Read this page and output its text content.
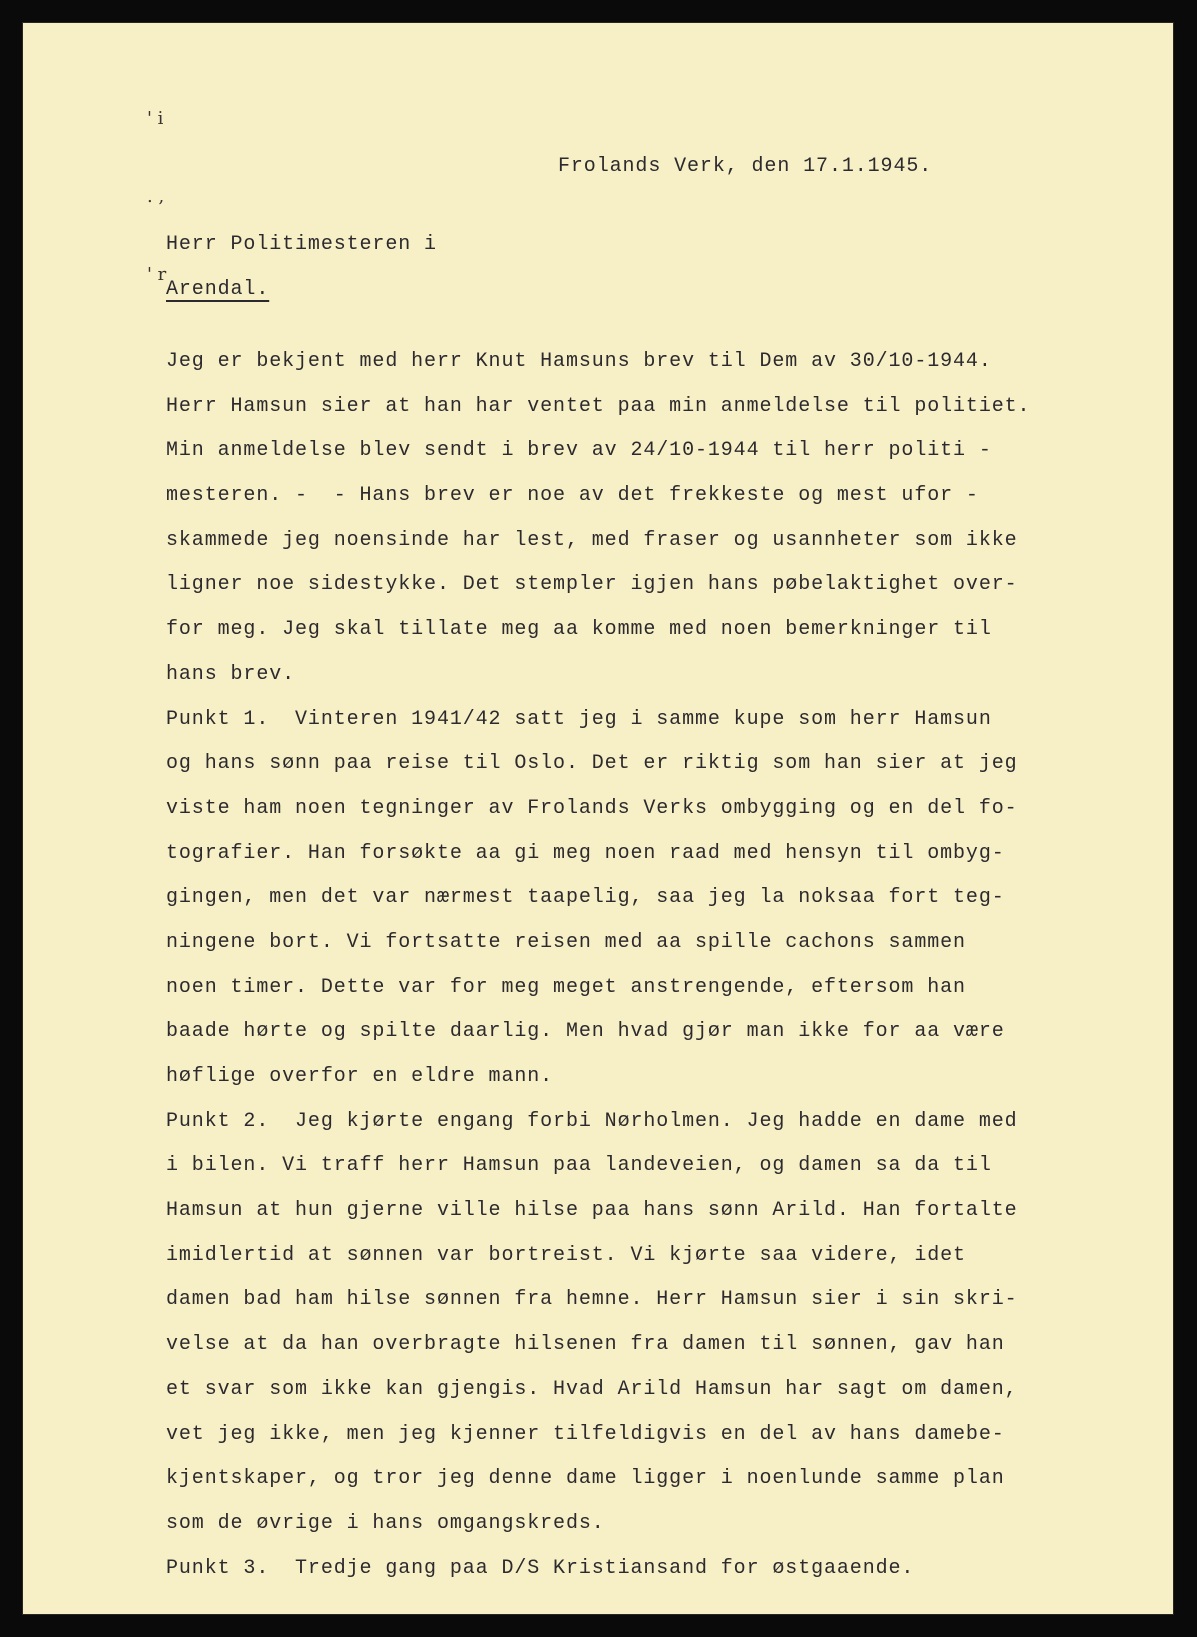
' i

. ,

' r

Frolands Verk, den 17.1.1945.
Herr Politimesteren i
Arendal.
Jeg er bekjent med herr Knut Hamsuns brev til Dem av 30/10-1944.
Herr Hamsun sier at han har ventet paa min anmeldelse til politiet.
Min anmeldelse blev sendt i brev av 24/10-1944 til herr politi -
mesteren. -  - Hans brev er noe av det frekkeste og mest ufor -
skammede jeg noensinde har lest, med fraser og usannheter som ikke
ligner noe sidestykke. Det stempler igjen hans pøbelaktighet over-
for meg. Jeg skal tillate meg aa komme med noen bemerkninger til
hans brev.
Punkt 1.  Vinteren 1941/42 satt jeg i samme kupe som herr Hamsun
og hans sønn paa reise til Oslo. Det er riktig som han sier at jeg
viste ham noen tegninger av Frolands Verks ombygging og en del fo-
tografier. Han forsøkte aa gi meg noen raad med hensyn til ombyg-
gingen, men det var nærmest taapelig, saa jeg la noksaa fort teg-
ningene bort. Vi fortsatte reisen med aa spille cachons sammen
noen timer. Dette var for meg meget anstrengende, eftersom han
baade hørte og spilte daarlig. Men hvad gjør man ikke for aa være
høflige overfor en eldre mann.
Punkt 2.  Jeg kjørte engang forbi Nørholmen. Jeg hadde en dame med
i bilen. Vi traff herr Hamsun paa landeveien, og damen sa da til
Hamsun at hun gjerne ville hilse paa hans sønn Arild. Han fortalte
imidlertid at sønnen var bortreist. Vi kjørte saa videre, idet
damen bad ham hilse sønnen fra hemne. Herr Hamsun sier i sin skri-
velse at da han overbragte hilsenen fra damen til sønnen, gav han
et svar som ikke kan gjengis. Hvad Arild Hamsun har sagt om damen,
vet jeg ikke, men jeg kjenner tilfeldigvis en del av hans damebe-
kjentskaper, og tror jeg denne dame ligger i noenlunde samme plan
som de øvrige i hans omgangskreds.
Punkt 3.  Tredje gang paa D/S Kristiansand for østgaaende.
